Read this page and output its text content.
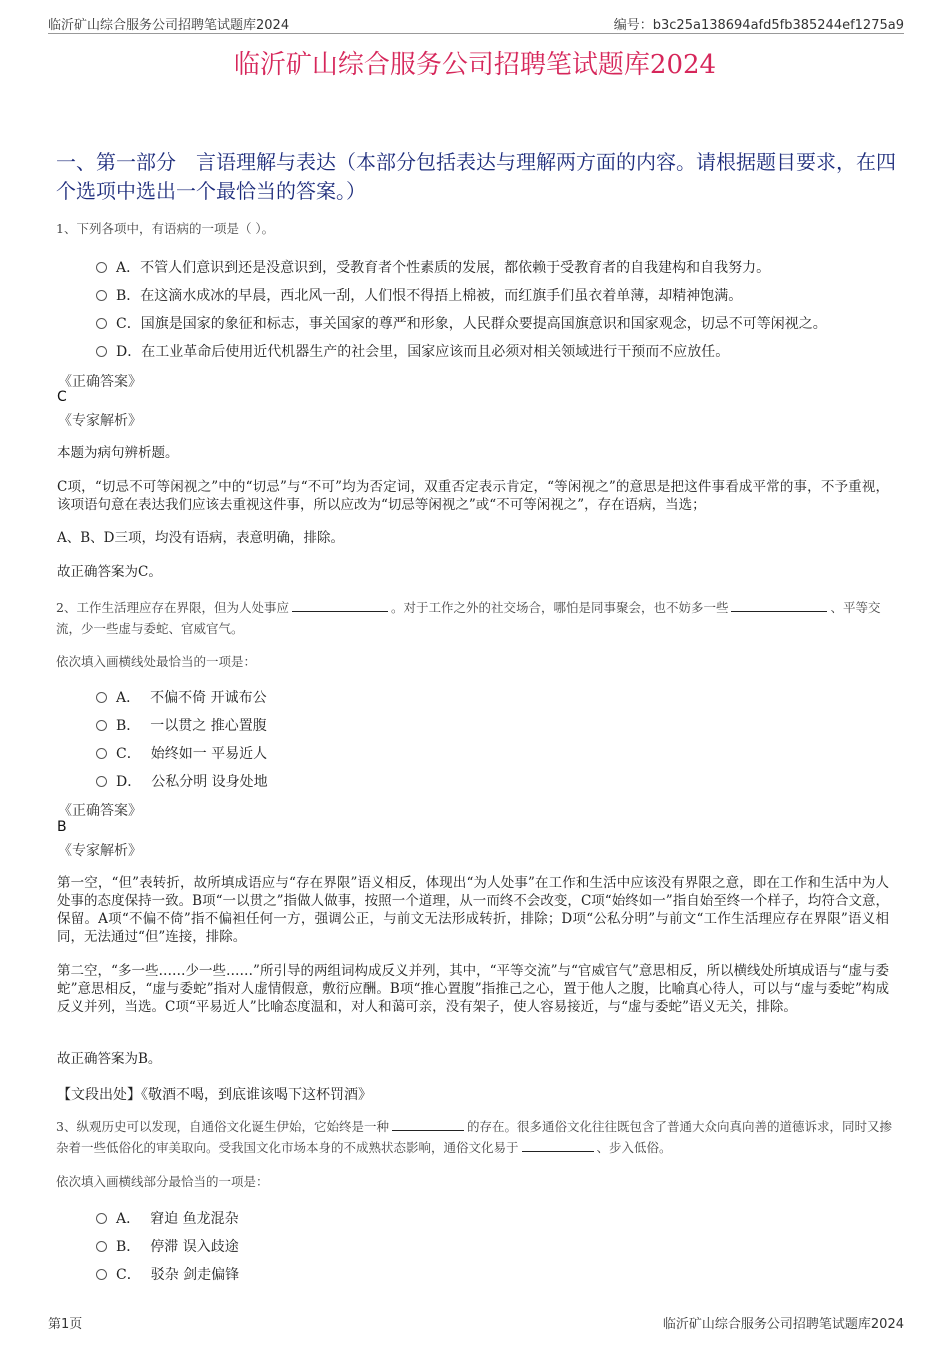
临沂矿山综合服务公司招聘笔试题库2024	编号：b3c25a138694afd5fb385244ef1275a9
临沂矿山综合服务公司招聘笔试题库2024
一、第一部分　言语理解与表达（本部分包括表达与理解两方面的内容。请根据题目要求，在四个选项中选出一个最恰当的答案。）
1、下列各项中，有语病的一项是（ ）。
A．不管人们意识到还是没意识到，受教育者个性素质的发展，都依赖于受教育者的自我建构和自我努力。
B．在这滴水成冰的早晨，西北风一刮，人们恨不得捂上棉被，而红旗手们虽衣着单薄，却精神饱满。
C．国旗是国家的象征和标志，事关国家的尊严和形象，人民群众要提高国旗意识和国家观念，切忌不可等闲视之。
D．在工业革命后使用近代机器生产的社会里，国家应该而且必须对相关领域进行干预而不应放任。
《正确答案》
C
《专家解析》
本题为病句辨析题。
C项，“切忌不可等闲视之”中的“切忌”与“不可”均为否定词，双重否定表示肯定，“等闲视之”的意思是把这件事看成平常的事，不予重视，该项语句意在表达我们应该去重视这件事，所以应改为“切忌等闲视之”或“不可等闲视之”，存在语病，当选；
A、B、D三项，均没有语病，表意明确，排除。
故正确答案为C。
2、工作生活理应存在界限，但为人处事应	。对于工作之外的社交场合，哪怕是同事聚会，也不妨多一些	、平等交流，少一些虚与委蛇、官威官气。
依次填入画横线处最恰当的一项是：
A． 不偏不倚 开诚布公
B． 一以贯之 推心置腹
C． 始终如一 平易近人
D． 公私分明 设身处地
《正确答案》
B
《专家解析》
第一空，“但”表转折，故所填成语应与“存在界限”语义相反，体现出“为人处事”在工作和生活中应该没有界限之意，即在工作和生活中为人处事的态度保持一致。B项“一以贯之”指做人做事，按照一个道理，从一而终不会改变，C项“始终如一”指自始至终一个样子，均符合文意，保留。A项“不偏不倚”指不偏袒任何一方，强调公正，与前文无法形成转折，排除；D项“公私分明”与前文“工作生活理应存在界限”语义相同，无法通过“但”连接，排除。
第二空，“多一些……少一些……”所引导的两组词构成反义并列，其中，“平等交流”与“官威官气”意思相反，所以横线处所填成语与“虚与委蛇”意思相反，“虚与委蛇”指对人虚情假意，敷衍应酬。B项“推心置腹”指推己之心，置于他人之腹，比喻真心待人，可以与“虚与委蛇”构成反义并列，当选。C项“平易近人”比喻态度温和，对人和蔼可亲，没有架子，使人容易接近，与“虚与委蛇”语义无关，排除。
故正确答案为B。
【文段出处】《敬酒不喝，到底谁该喝下这杯罚酒》
3、纵观历史可以发现，自通俗文化诞生伊始，它始终是一种	的存在。很多通俗文化往往既包含了普通大众向真向善的道德诉求，同时又掺杂着一些低俗化的审美取向。受我国文化市场本身的不成熟状态影响，通俗文化易于	、步入低俗。
依次填入画横线部分最恰当的一项是：
A． 窘迫 鱼龙混杂
B． 停滞 误入歧途
C． 驳杂 剑走偏锋
第1页	临沂矿山综合服务公司招聘笔试题库2024
